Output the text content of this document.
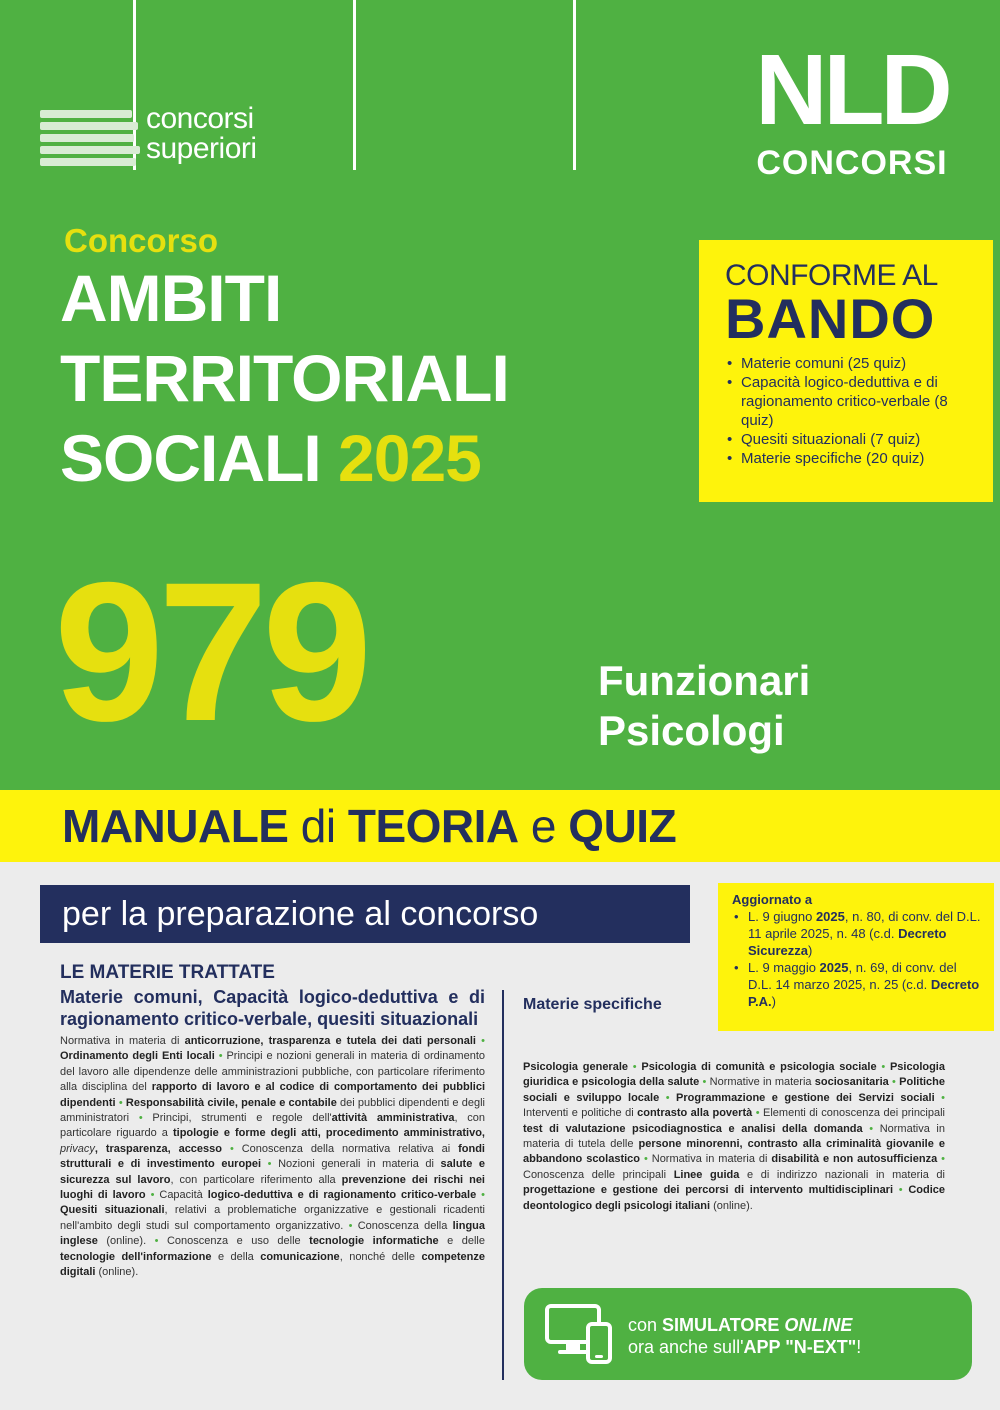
concorsi
superiori
NLD
CONCORSI
Concorso
AMBITI
TERRITORIALI
SOCIALI 2025
979	Funzionari
Psicologi
CONFORME AL
BANDO
• Materie comuni (25 quiz)
• Capacità logico-deduttiva e di ragionamento critico-verbale (8 quiz)
• Quesiti situazionali (7 quiz)
• Materie specifiche (20 quiz)
MANUALE di TEORIA e QUIZ
per la preparazione al concorso	Aggiornato a
• L. 9 giugno 2025, n. 80, di conv. del D.L. 11 aprile 2025, n. 48 (c.d. Decreto Sicurezza)
• L. 9 maggio 2025, n. 69, di conv. del D.L. 14 marzo 2025, n. 25 (c.d. Decreto P.A.)
LE MATERIE TRATTATE
Materie comuni, Capacità logico-deduttiva e di ragionamento critico-verbale, quesiti situazionali

Normativa in materia di anticorruzione, trasparenza e tutela dei dati personali • Ordinamento degli Enti locali • Principi e nozioni generali in materia di ordinamento del lavoro alle dipendenze delle amministrazioni pubbliche, con particolare riferimento alla disciplina del rapporto di lavoro e al codice di comportamento dei pubblici dipendenti • Responsabilità civile, penale e contabile dei pubblici dipendenti e degli amministratori • Principi, strumenti e regole dell'attività amministrativa, con particolare riguardo a tipologie e forme degli atti, procedimento amministrativo, privacy, trasparenza, accesso • Conoscenza della normativa relativa ai fondi strutturali e di investimento europei • Nozioni generali in materia di salute e sicurezza sul lavoro, con particolare riferimento alla prevenzione dei rischi nei luoghi di lavoro • Capacità logico-deduttiva e di ragionamento critico-verbale • Quesiti situazionali, relativi a problematiche organizzative e gestionali ricadenti nell'ambito degli studi sul comportamento organizzativo. • Conoscenza della lingua inglese (online). • Conoscenza e uso delle tecnologie informatiche e delle tecnologie dell'informazione e della comunicazione, nonché delle competenze digitali (online).

Materie specifiche

Psicologia generale • Psicologia di comunità e psicologia sociale • Psicologia giuridica e psicologia della salute • Normative in materia sociosanitaria • Politiche sociali e sviluppo locale • Programmazione e gestione dei Servizi sociali • Interventi e politiche di contrasto alla povertà • Elementi di conoscenza dei principali test di valutazione psicodiagnostica e analisi della domanda • Normativa in materia di tutela delle persone minorenni, contrasto alla criminalità giovanile e abbandono scolastico • Normativa in materia di disabilità e non autosufficienza • Conoscenza delle principali Linee guida e di indirizzo nazionali in materia di progettazione e gestione dei percorsi di intervento multidisciplinari • Codice deontologico degli psicologi italiani (online).

con SIMULATORE ONLINE
ora anche sull'APP "N-EXT"!
